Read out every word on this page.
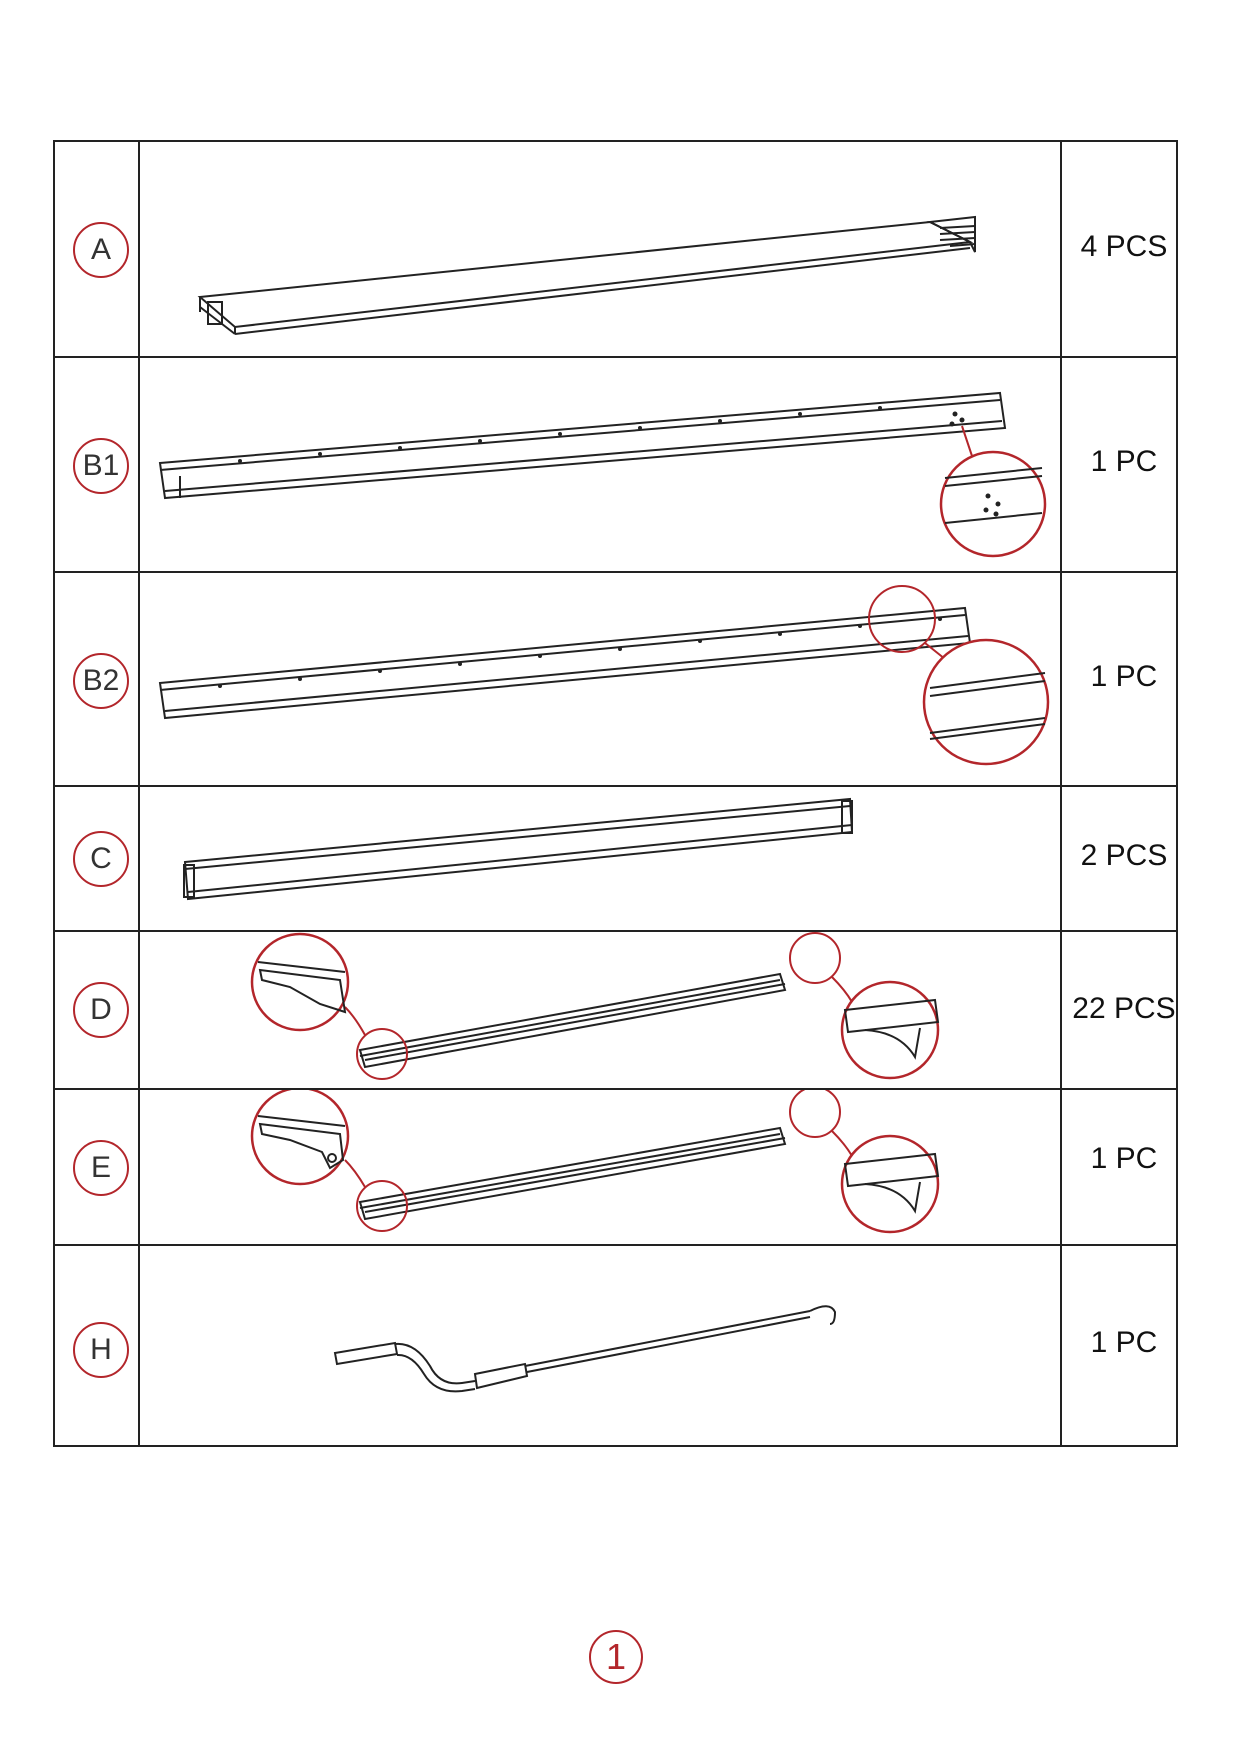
A	4 PCS
B1	1 PC
B2	1 PC
C	2 PCS
D	22 PCS
E	1 PC
H	1 PC
1
